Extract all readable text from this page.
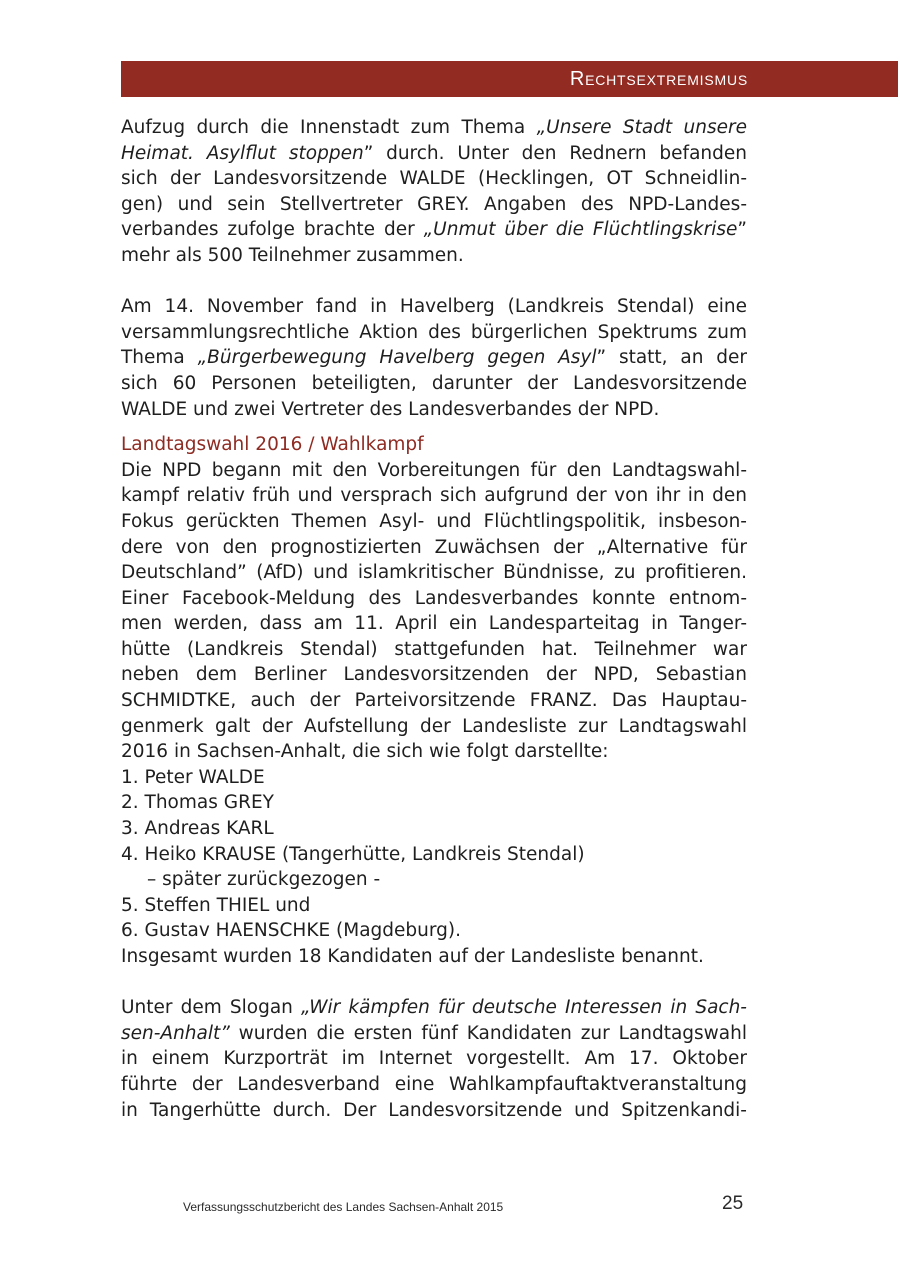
Rechtsextremismus
Aufzug durch die Innenstadt zum Thema „Unsere Stadt unsere
Heimat. Asylflut stoppen” durch. Unter den Rednern befanden
sich der Landesvorsitzende WALDE (Hecklingen, OT Schneidlin-
gen) und sein Stellvertreter GREY. Angaben des NPD-Landes-
verbandes zufolge brachte der „Unmut über die Flüchtlingskrise”
mehr als 500 Teilnehmer zusammen.
Am 14. November fand in Havelberg (Landkreis Stendal) eine
versammlungsrechtliche Aktion des bürgerlichen Spektrums zum
Thema „Bürgerbewegung Havelberg gegen Asyl” statt, an der
sich 60 Personen beteiligten, darunter der Landesvorsitzende
WALDE und zwei Vertreter des Landesverbandes der NPD.
Landtagswahl 2016 / Wahlkampf
Die NPD begann mit den Vorbereitungen für den Landtagswahl-
kampf relativ früh und versprach sich aufgrund der von ihr in den
Fokus gerückten Themen Asyl- und Flüchtlingspolitik, insbeson-
dere von den prognostizierten Zuwächsen der „Alternative für
Deutschland” (AfD) und islamkritischer Bündnisse, zu profitieren.
Einer Facebook-Meldung des Landesverbandes konnte entnom-
men werden, dass am 11. April ein Landesparteitag in Tanger-
hütte (Landkreis Stendal) stattgefunden hat. Teilnehmer war
neben dem Berliner Landesvorsitzenden der NPD, Sebastian
SCHMIDTKE, auch der Parteivorsitzende FRANZ. Das Hauptau-
genmerk galt der Aufstellung der Landesliste zur Landtagswahl
2016 in Sachsen-Anhalt, die sich wie folgt darstellte:
1. Peter WALDE
2. Thomas GREY
3. Andreas KARL
4. Heiko KRAUSE (Tangerhütte, Landkreis Stendal)
– später zurückgezogen -
5. Steffen THIEL und
6. Gustav HAENSCHKE (Magdeburg).
Insgesamt wurden 18 Kandidaten auf der Landesliste benannt.
Unter dem Slogan „Wir kämpfen für deutsche Interessen in Sach-
sen-Anhalt” wurden die ersten fünf Kandidaten zur Landtagswahl
in einem Kurzporträt im Internet vorgestellt. Am 17. Oktober
führte der Landesverband eine Wahlkampfauftaktveranstaltung
in Tangerhütte durch. Der Landesvorsitzende und Spitzenkandi-
Verfassungsschutzbericht des Landes Sachsen-Anhalt 2015	25
